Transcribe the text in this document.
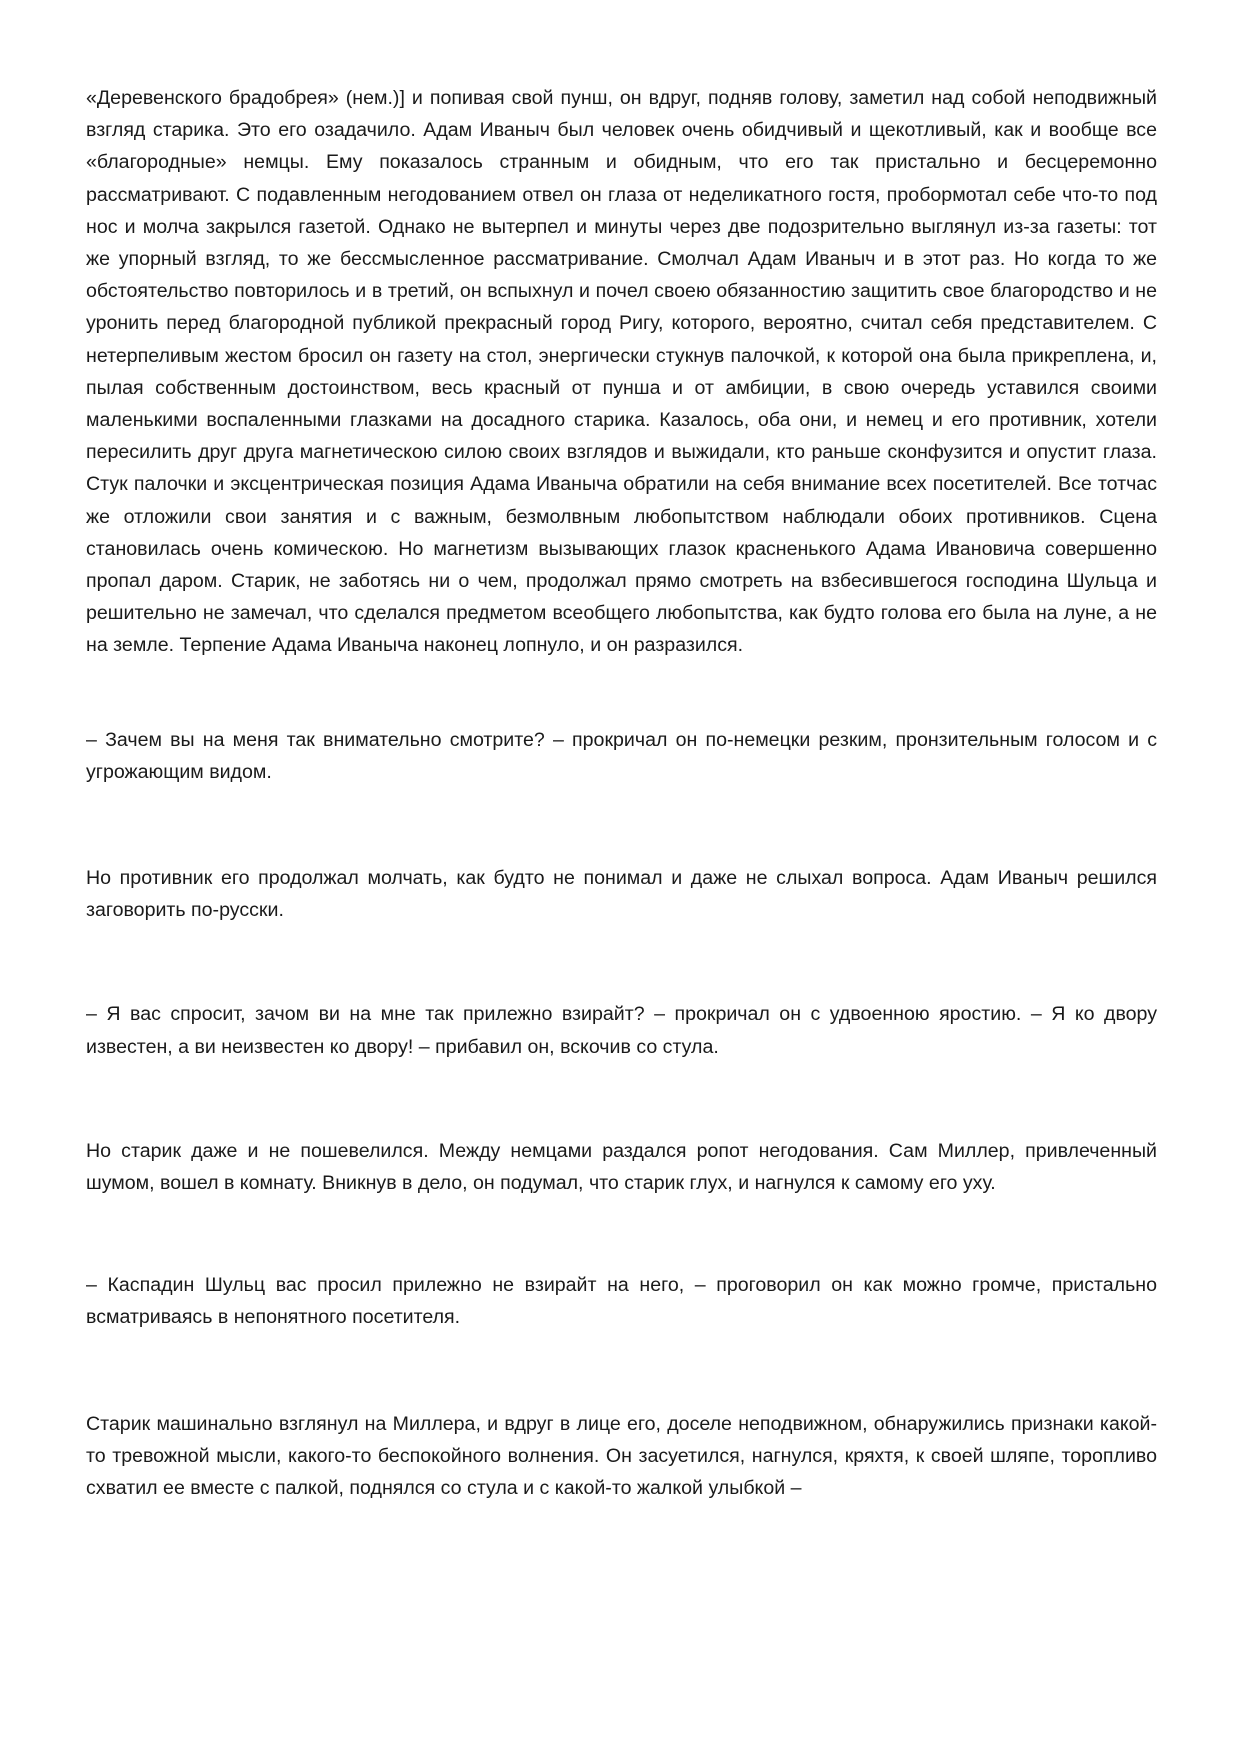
«Деревенского брадобрея» (нем.)] и попивая свой пунш, он вдруг, подняв голову, заметил над собой неподвижный взгляд старика. Это его озадачило. Адам Иваныч был человек очень обидчивый и щекотливый, как и вообще все «благородные» немцы. Ему показалось странным и обидным, что его так пристально и бесцеремонно рассматривают. С подавленным негодованием отвел он глаза от неделикатного гостя, пробормотал себе что-то под нос и молча закрылся газетой. Однако не вытерпел и минуты через две подозрительно выглянул из-за газеты: тот же упорный взгляд, то же бессмысленное рассматривание. Смолчал Адам Иваныч и в этот раз. Но когда то же обстоятельство повторилось и в третий, он вспыхнул и почел своею обязанностию защитить свое благородство и не уронить перед благородной публикой прекрасный город Ригу, которого, вероятно, считал себя представителем. С нетерпеливым жестом бросил он газету на стол, энергически стукнув палочкой, к которой она была прикреплена, и, пылая собственным достоинством, весь красный от пунша и от амбиции, в свою очередь уставился своими маленькими воспаленными глазками на досадного старика. Казалось, оба они, и немец и его противник, хотели пересилить друг друга магнетическою силою своих взглядов и выжидали, кто раньше сконфузится и опустит глаза. Стук палочки и эксцентрическая позиция Адама Иваныча обратили на себя внимание всех посетителей. Все тотчас же отложили свои занятия и с важным, безмолвным любопытством наблюдали обоих противников. Сцена становилась очень комическою. Но магнетизм вызывающих глазок красненького Адама Ивановича совершенно пропал даром. Старик, не заботясь ни о чем, продолжал прямо смотреть на взбесившегося господина Шульца и решительно не замечал, что сделался предметом всеобщего любопытства, как будто голова его была на луне, а не на земле. Терпение Адама Иваныча наконец лопнуло, и он разразился.

– Зачем вы на меня так внимательно смотрите? – прокричал он по-немецки резким, пронзительным голосом и с угрожающим видом.

Но противник его продолжал молчать, как будто не понимал и даже не слыхал вопроса. Адам Иваныч решился заговорить по-русски.

– Я вас спросит, зачом ви на мне так прилежно взирайт? – прокричал он с удвоенною яростию. – Я ко двору известен, а ви неизвестен ко двору! – прибавил он, вскочив со стула.

Но старик даже и не пошевелился. Между немцами раздался ропот негодования. Сам Миллер, привлеченный шумом, вошел в комнату. Вникнув в дело, он подумал, что старик глух, и нагнулся к самому его уху.

– Каспадин Шульц вас просил прилежно не взирайт на него, – проговорил он как можно громче, пристально всматриваясь в непонятного посетителя.

Старик машинально взглянул на Миллера, и вдруг в лице его, доселе неподвижном, обнаружились признаки какой-то тревожной мысли, какого-то беспокойного волнения. Он засуетился, нагнулся, кряхтя, к своей шляпе, торопливо схватил ее вместе с палкой, поднялся со стула и с какой-то жалкой улыбкой –
